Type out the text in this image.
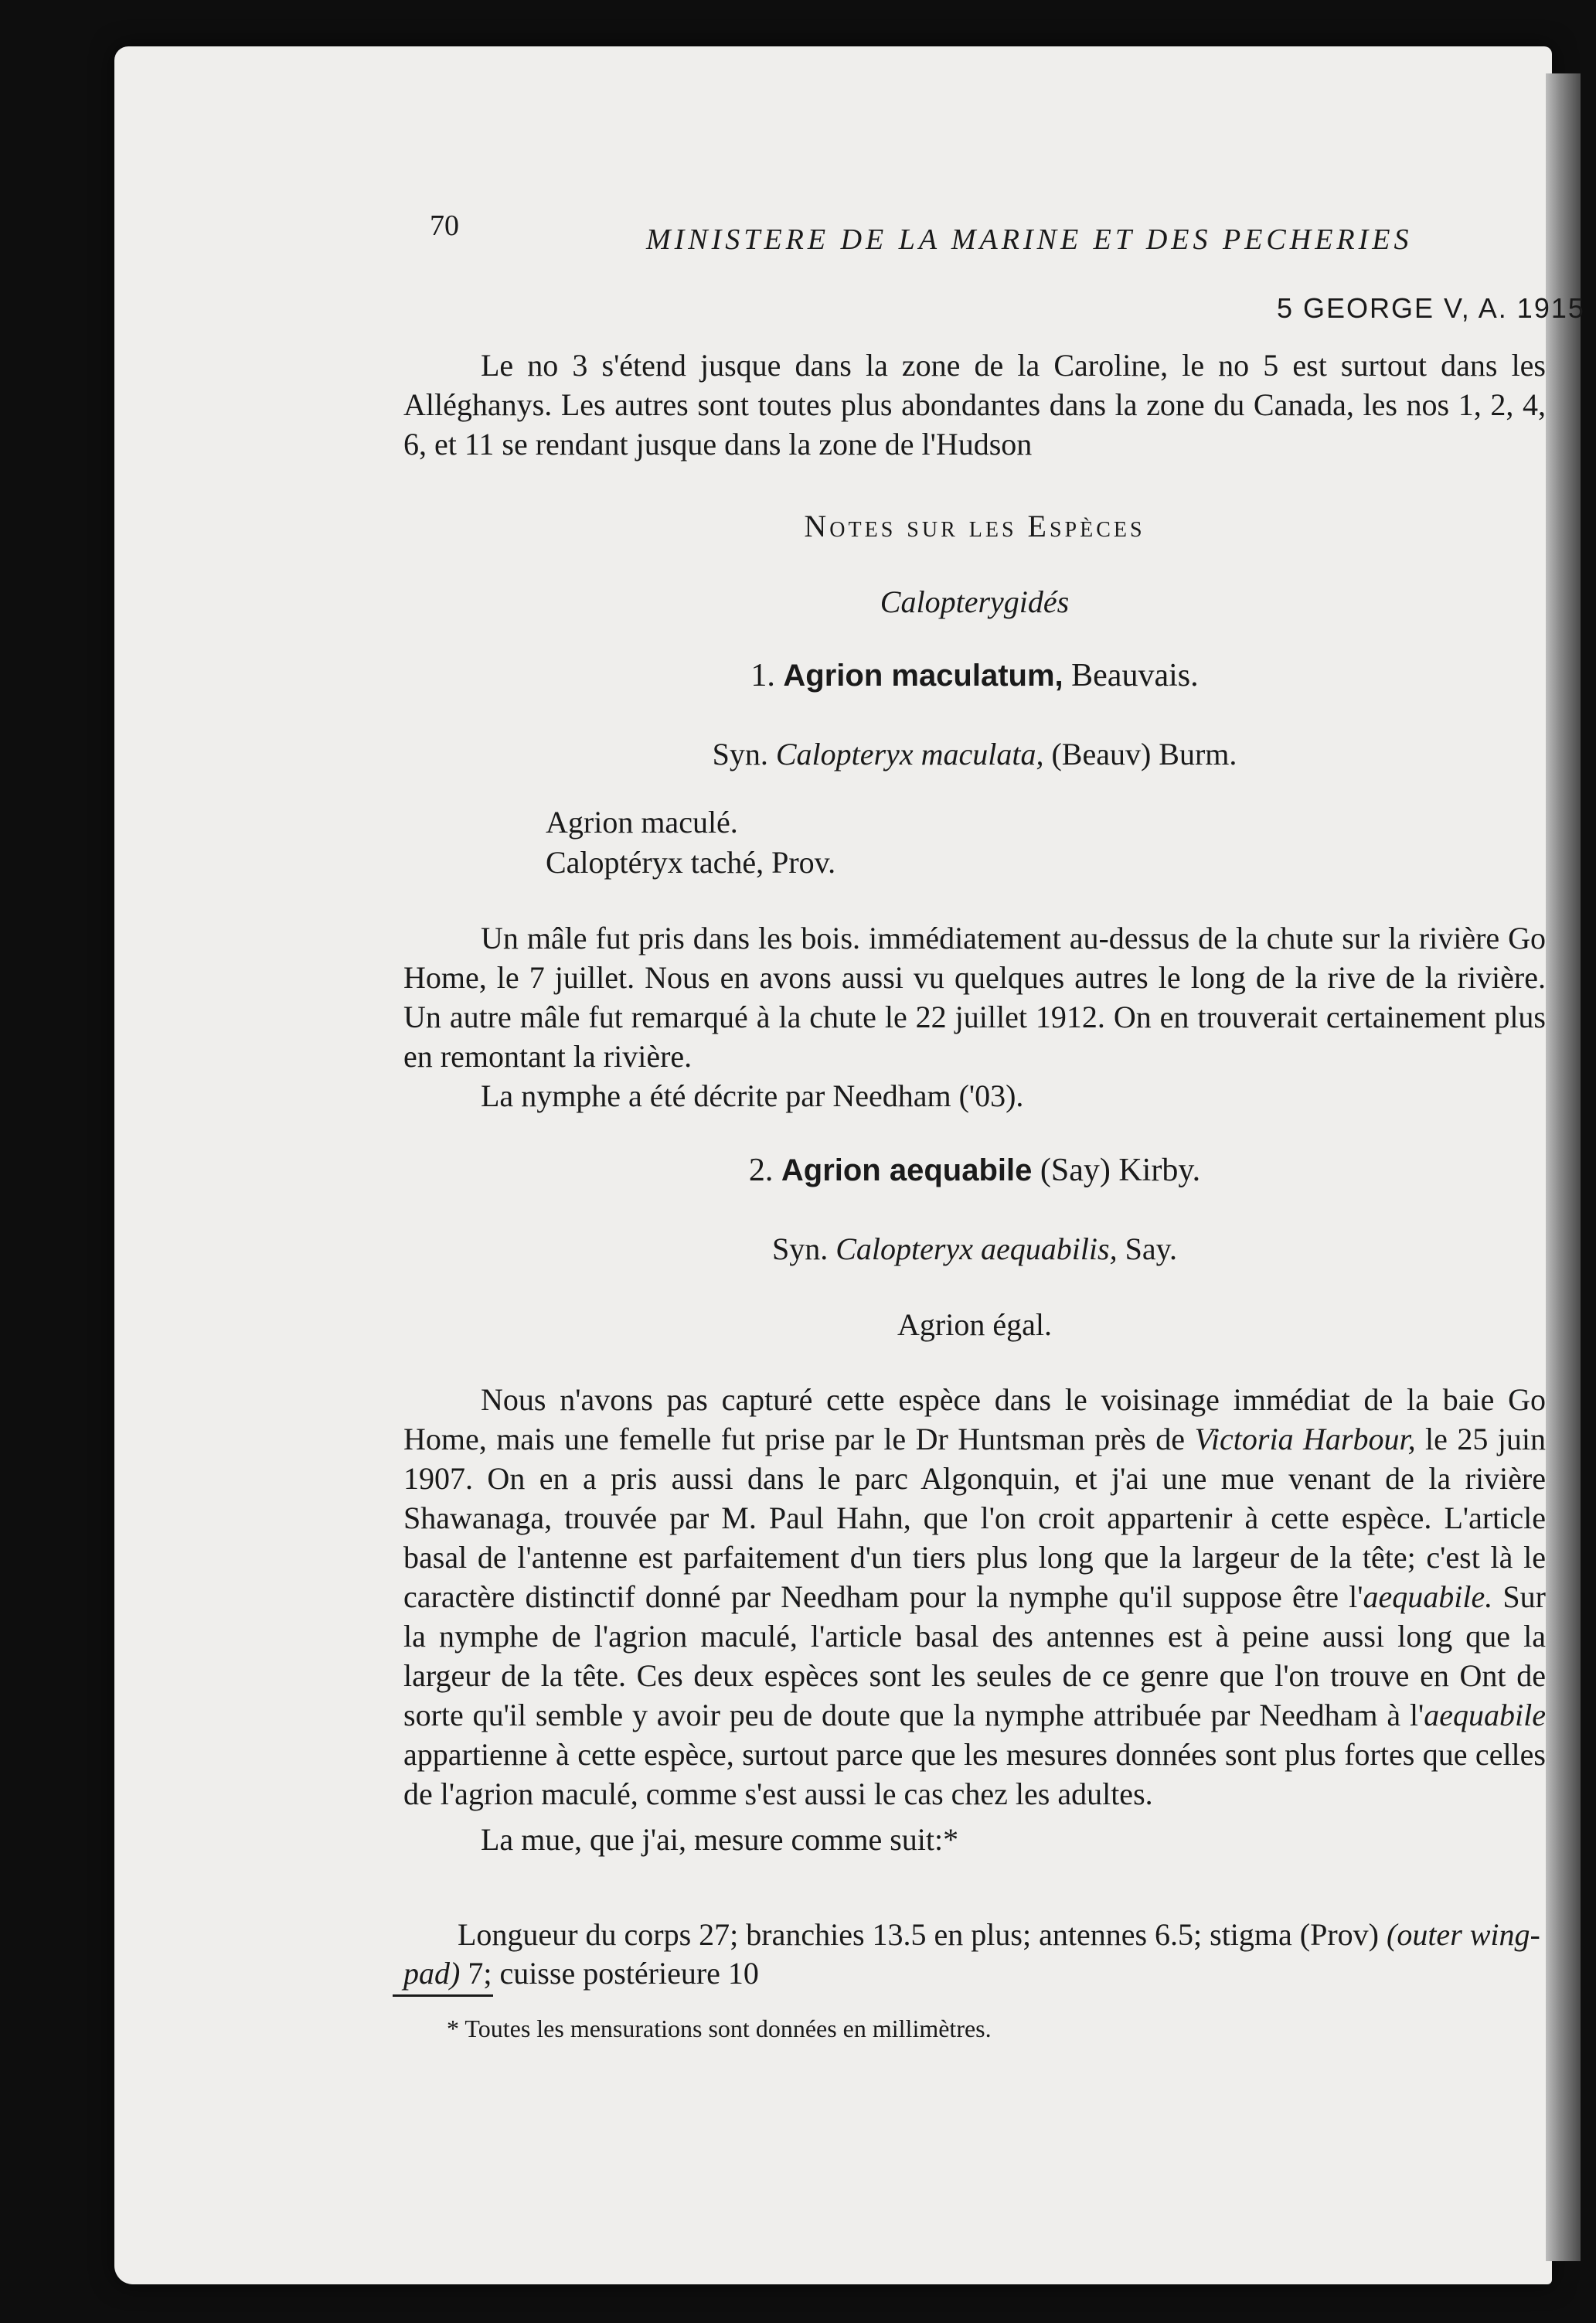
70	MINISTERE DE LA MARINE ET DES PECHERIES
5 GEORGE V, A. 1915

Le no 3 s'étend jusque dans la zone de la Caroline, le no 5 est surtout dans les Alléghanys. Les autres sont toutes plus abondantes dans la zone du Canada, les nos 1, 2, 4, 6, et 11 se rendant jusque dans la zone de l'Hudson

Notes sur les Espèces
Calopterygidés
1. Agrion maculatum, Beauvais.
Syn. Calopteryx maculata, (Beauv) Burm.
Agrion maculé.
Caloptéryx taché, Prov.

Un mâle fut pris dans les bois. immédiatement au-dessus de la chute sur la rivière Go Home, le 7 juillet. Nous en avons aussi vu quelques autres le long de la rive de la rivière. Un autre mâle fut remarqué à la chute le 22 juillet 1912. On en trouverait certainement plus en remontant la rivière.

La nymphe a été décrite par Needham ('03).

2. Agrion aequabile (Say) Kirby.
Syn. Calopteryx aequabilis, Say.
Agrion égal.

Nous n'avons pas capturé cette espèce dans le voisinage immédiat de la baie Go Home, mais une femelle fut prise par le Dr Huntsman près de Victoria Harbour, le 25 juin 1907. On en a pris aussi dans le parc Algonquin, et j'ai une mue venant de la rivière Shawanaga, trouvée par M. Paul Hahn, que l'on croit appartenir à cette espèce. L'article basal de l'antenne est parfaitement d'un tiers plus long que la largeur de la tête; c'est là le caractère distinctif donné par Needham pour la nymphe qu'il suppose être l'aequabile. Sur la nymphe de l'agrion maculé, l'article basal des antennes est à peine aussi long que la largeur de la tête. Ces deux espèces sont les seules de ce genre que l'on trouve en Ont de sorte qu'il semble y avoir peu de doute que la nymphe attribuée par Needham à l'aequabile appartienne à cette espèce, surtout parce que les mesures données sont plus fortes que celles de l'agrion maculé, comme s'est aussi le cas chez les adultes.

La mue, que j'ai, mesure comme suit:*

Longueur du corps 27; branchies 13.5 en plus; antennes 6.5; stigma (Prov) (outer wing-pad) 7; cuisse postérieure 10
* Toutes les mensurations sont données en millimètres.
